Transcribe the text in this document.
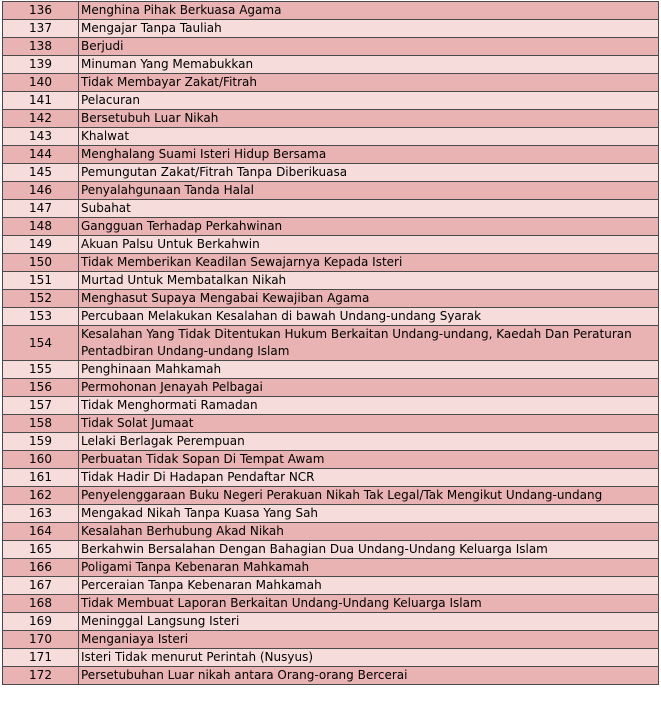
136	Menghina Pihak Berkuasa Agama
137	Mengajar Tanpa Tauliah
138	Berjudi
139	Minuman Yang Memabukkan
140	Tidak Membayar Zakat/Fitrah
141	Pelacuran
142	Bersetubuh Luar Nikah
143	Khalwat
144	Menghalang Suami Isteri Hidup Bersama
145	Pemungutan Zakat/Fitrah Tanpa Diberikuasa
146	Penyalahgunaan Tanda Halal
147	Subahat
148	Gangguan Terhadap Perkahwinan
149	Akuan Palsu Untuk Berkahwin
150	Tidak Memberikan Keadilan Sewajarnya Kepada Isteri
151	Murtad Untuk Membatalkan Nikah
152	Menghasut Supaya Mengabai Kewajiban Agama
153	Percubaan Melakukan Kesalahan di bawah Undang-undang Syarak
154	Kesalahan Yang Tidak Ditentukan Hukum Berkaitan Undang-undang, Kaedah Dan Peraturan Pentadbiran Undang-undang Islam
155	Penghinaan Mahkamah
156	Permohonan Jenayah Pelbagai
157	Tidak Menghormati Ramadan
158	Tidak Solat Jumaat
159	Lelaki Berlagak Perempuan
160	Perbuatan Tidak Sopan Di Tempat Awam
161	Tidak Hadir Di Hadapan Pendaftar NCR
162	Penyelenggaraan Buku Negeri Perakuan Nikah Tak Legal/Tak Mengikut Undang-undang
163	Mengakad Nikah Tanpa Kuasa Yang Sah
164	Kesalahan Berhubung Akad Nikah
165	Berkahwin Bersalahan Dengan Bahagian Dua Undang-Undang Keluarga Islam
166	Poligami Tanpa Kebenaran Mahkamah
167	Perceraian Tanpa Kebenaran Mahkamah
168	Tidak Membuat Laporan Berkaitan Undang-Undang Keluarga Islam
169	Meninggal Langsung Isteri
170	Menganiaya Isteri
171	Isteri Tidak menurut Perintah (Nusyus)
172	Persetubuhan Luar nikah antara Orang-orang Bercerai
